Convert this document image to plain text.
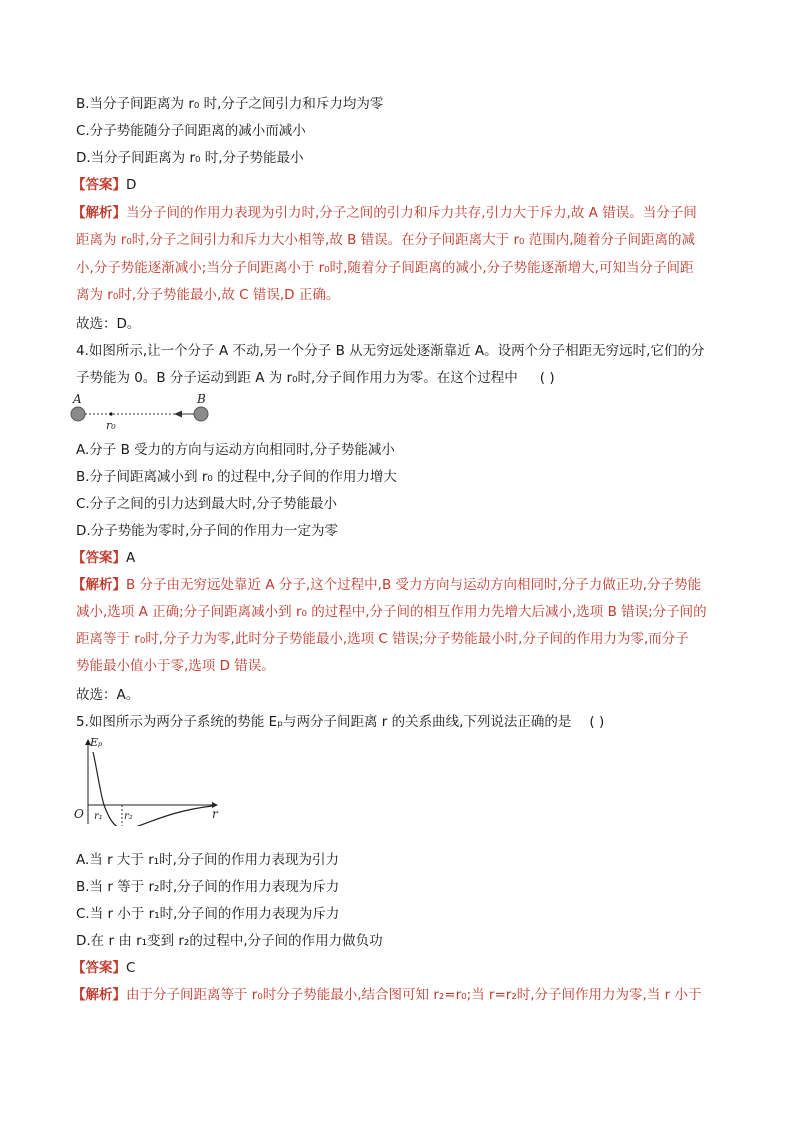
B.当分子间距离为 r₀ 时,分子之间引力和斥力均为零
C.分子势能随分子间距离的减小而减小
D.当分子间距离为 r₀ 时,分子势能最小
【答案】D
【解析】当分子间的作用力表现为引力时,分子之间的引力和斥力共存,引力大于斥力,故 A 错误。当分子间
距离为 r₀时,分子之间引力和斥力大小相等,故 B 错误。在分子间距离大于 r₀ 范围内,随着分子间距离的减
小,分子势能逐渐减小;当分子间距离小于 r₀时,随着分子间距离的减小,分子势能逐渐增大,可知当分子间距
离为 r₀时,分子势能最小,故 C 错误,D 正确。
故选：D。
4.如图所示,让一个分子 A 不动,另一个分子 B 从无穷远处逐渐靠近 A。设两个分子相距无穷远时,它们的分
子势能为 0。B 分子运动到距 A 为 r₀时,分子间作用力为零。在这个过程中 ( )
A	B
r₀
A.分子 B 受力的方向与运动方向相同时,分子势能减小
B.分子间距离减小到 r₀ 的过程中,分子间的作用力增大
C.分子之间的引力达到最大时,分子势能最小
D.分子势能为零时,分子间的作用力一定为零
【答案】A
【解析】B 分子由无穷远处靠近 A 分子,这个过程中,B 受力方向与运动方向相同时,分子力做正功,分子势能
减小,选项 A 正确;分子间距离减小到 r₀ 的过程中,分子间的相互作用力先增大后减小,选项 B 错误;分子间的
距离等于 r₀时,分子力为零,此时分子势能最小,选项 C 错误;分子势能最小时,分子间的作用力为零,而分子
势能最小值小于零,选项 D 错误。
故选：A。
5.如图所示为两分子系统的势能 Eₚ与两分子间距离 r 的关系曲线,下列说法正确的是 ( )
Eₚ
O	r
r₁ r₂
A.当 r 大于 r₁时,分子间的作用力表现为引力
B.当 r 等于 r₂时,分子间的作用力表现为斥力
C.当 r 小于 r₁时,分子间的作用力表现为斥力
D.在 r 由 r₁变到 r₂的过程中,分子间的作用力做负功
【答案】C
【解析】由于分子间距离等于 r₀时分子势能最小,结合图可知 r₂=r₀;当 r=r₂时,分子间作用力为零,当 r 小于
